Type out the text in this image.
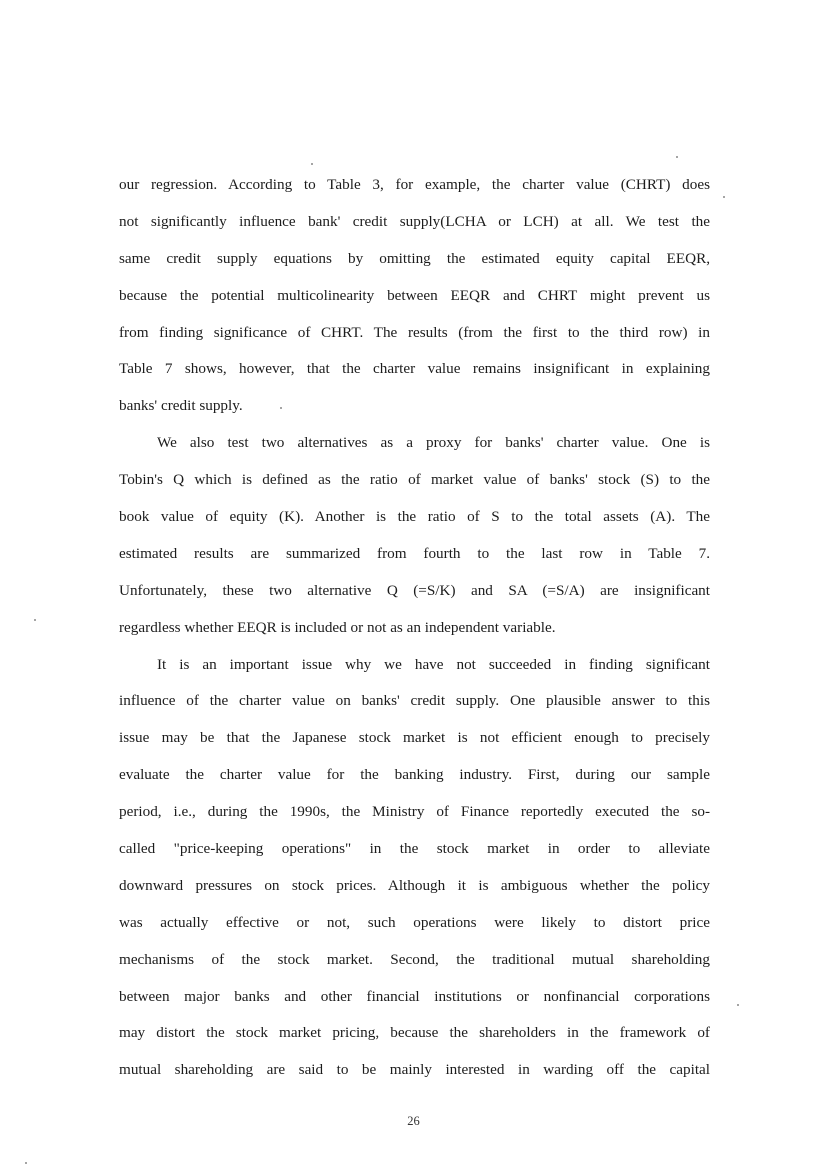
our regression. According to Table 3, for example, the charter value (CHRT) does
not significantly influence bank' credit supply(LCHA or LCH) at all. We test the
same credit supply equations by omitting the estimated equity capital EEQR,
because the potential multicolinearity between EEQR and CHRT might prevent us
from finding significance of CHRT. The results (from the first to the third row) in
Table 7 shows, however, that the charter value remains insignificant in explaining
banks' credit supply.
We also test two alternatives as a proxy for banks' charter value. One is
Tobin's Q which is defined as the ratio of market value of banks' stock (S) to the
book value of equity (K). Another is the ratio of S to the total assets (A). The
estimated results are summarized from fourth to the last row in Table 7.
Unfortunately, these two alternative Q (=S/K) and SA (=S/A) are insignificant
regardless whether EEQR is included or not as an independent variable.
It is an important issue why we have not succeeded in finding significant
influence of the charter value on banks' credit supply. One plausible answer to this
issue may be that the Japanese stock market is not efficient enough to precisely
evaluate the charter value for the banking industry. First, during our sample
period, i.e., during the 1990s, the Ministry of Finance reportedly executed the so-
called "price-keeping operations" in the stock market in order to alleviate
downward pressures on stock prices. Although it is ambiguous whether the policy
was actually effective or not, such operations were likely to distort price
mechanisms of the stock market. Second, the traditional mutual shareholding
between major banks and other financial institutions or nonfinancial corporations
may distort the stock market pricing, because the shareholders in the framework of
mutual shareholding are said to be mainly interested in warding off the capital
26
